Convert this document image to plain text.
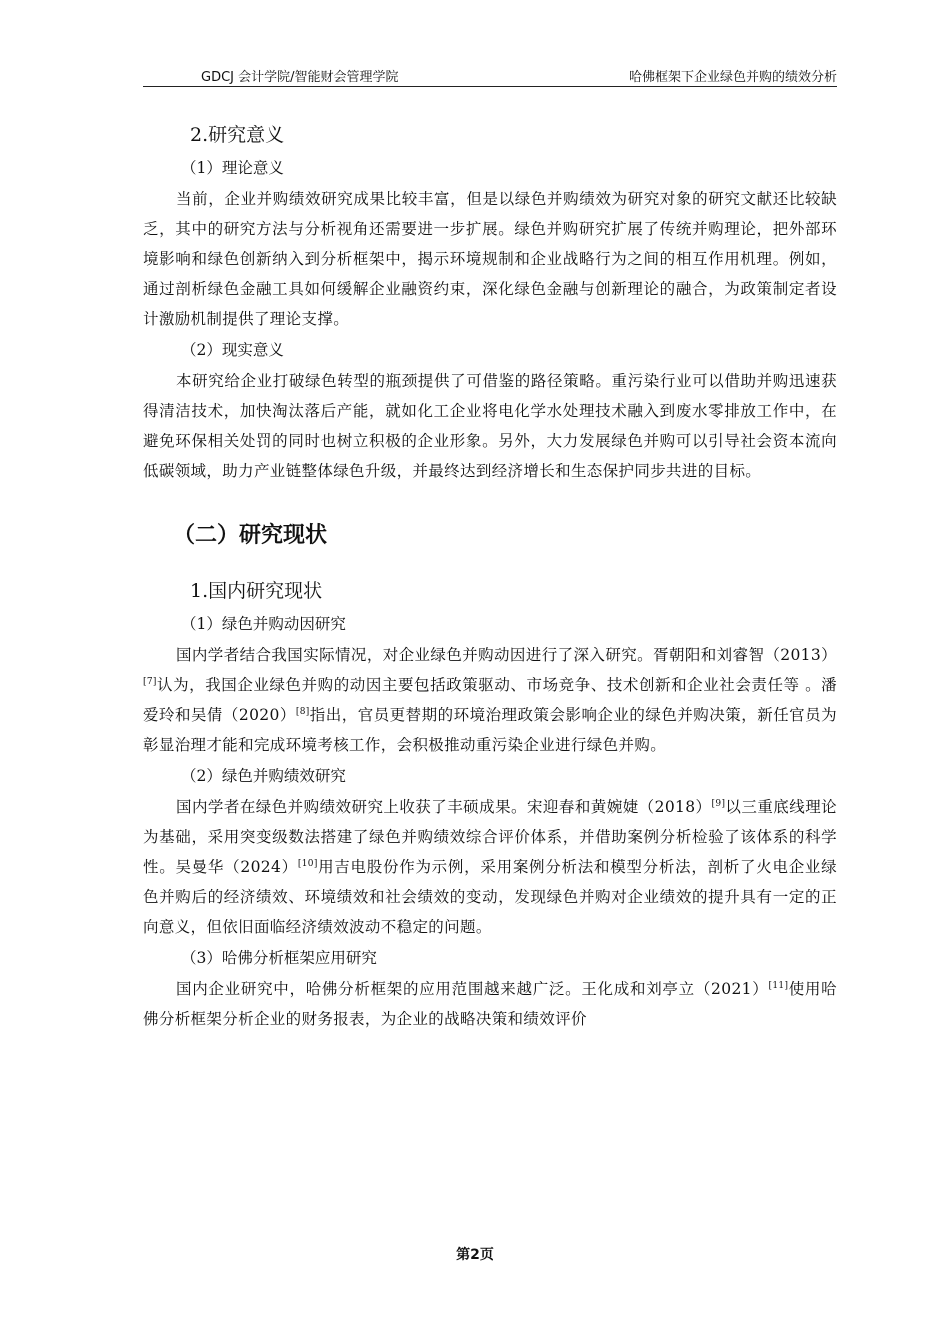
GDCJ 会计学院/智能财会管理学院	哈佛框架下企业绿色并购的绩效分析

2.研究意义

（1）理论意义

当前，企业并购绩效研究成果比较丰富，但是以绿色并购绩效为研究对象的研究文献还比较缺乏，其中的研究方法与分析视角还需要进一步扩展。绿色并购研究扩展了传统并购理论，把外部环境影响和绿色创新纳入到分析框架中，揭示环境规制和企业战略行为之间的相互作用机理。例如，通过剖析绿色金融工具如何缓解企业融资约束，深化绿色金融与创新理论的融合，为政策制定者设计激励机制提供了理论支撑。

（2）现实意义

本研究给企业打破绿色转型的瓶颈提供了可借鉴的路径策略。重污染行业可以借助并购迅速获得清洁技术，加快淘汰落后产能，就如化工企业将电化学水处理技术融入到废水零排放工作中，在避免环保相关处罚的同时也树立积极的企业形象。另外，大力发展绿色并购可以引导社会资本流向低碳领域，助力产业链整体绿色升级，并最终达到经济增长和生态保护同步共进的目标。

（二）研究现状

1.国内研究现状

（1）绿色并购动因研究

国内学者结合我国实际情况，对企业绿色并购动因进行了深入研究。胥朝阳和刘睿智（2013）[7]认为，我国企业绿色并购的动因主要包括政策驱动、市场竞争、技术创新和企业社会责任等 。潘爱玲和吴倩（2020）[8]指出，官员更替期的环境治理政策会影响企业的绿色并购决策，新任官员为彰显治理才能和完成环境考核工作，会积极推动重污染企业进行绿色并购。

（2）绿色并购绩效研究

国内学者在绿色并购绩效研究上收获了丰硕成果。宋迎春和黄婉婕（2018）[9]以三重底线理论为基础，采用突变级数法搭建了绿色并购绩效综合评价体系，并借助案例分析检验了该体系的科学性。吴曼华（2024）[10]用吉电股份作为示例，采用案例分析法和模型分析法，剖析了火电企业绿色并购后的经济绩效、环境绩效和社会绩效的变动，发现绿色并购对企业绩效的提升具有一定的正向意义，但依旧面临经济绩效波动不稳定的问题。

（3）哈佛分析框架应用研究

国内企业研究中，哈佛分析框架的应用范围越来越广泛。王化成和刘亭立（2021）[11]使用哈佛分析框架分析企业的财务报表，为企业的战略决策和绩效评价

第2页
